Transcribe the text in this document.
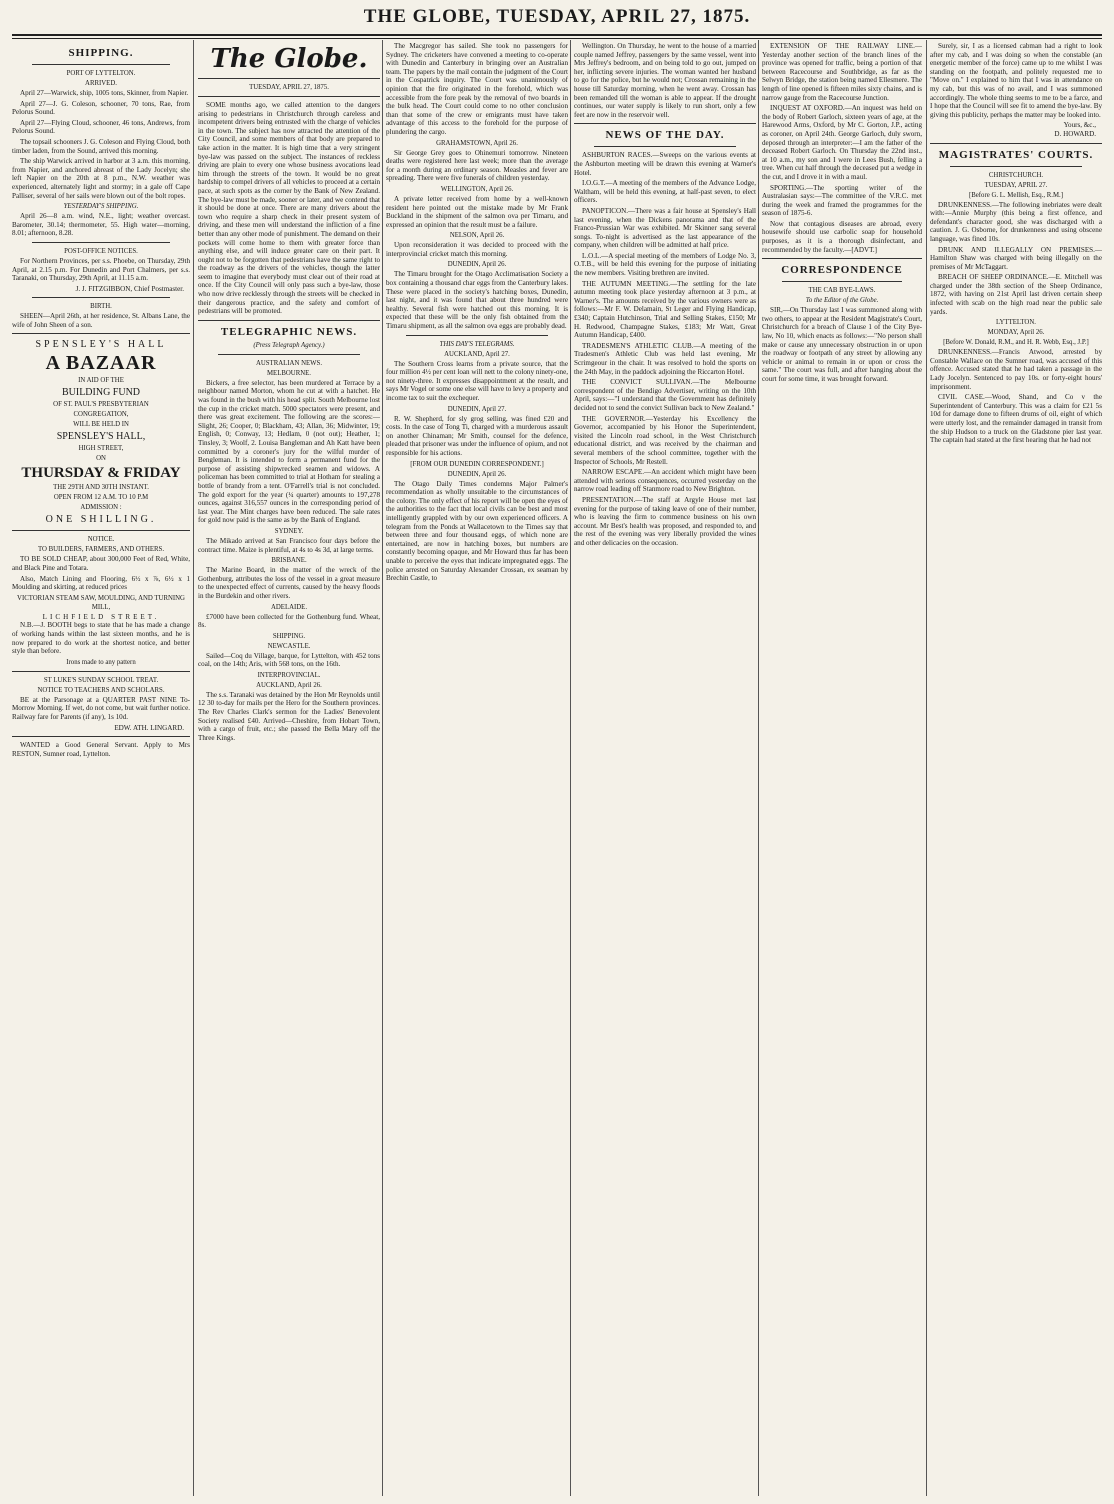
THE GLOBE, TUESDAY, APRIL 27, 1875.
SHIPPING.
PORT OF LYTTELTON.
ARRIVED.

April 27—Warwick, ship, 1005 tons, Skinner, from Napier.

April 27—J. G. Coleson, schooner, 70 tons, Rae, from Pelorus Sound.

April 27—Flying Cloud, schooner, 46 tons, Andrews, from Pelorus Sound.

The topsail schooners J. G. Coleson and Flying Cloud, both timber laden, from the Sound, arrived this morning.

The ship Warwick arrived in harbor at 3 a.m. this morning, from Napier, and anchored abreast of the Lady Jocelyn; she left Napier on the 20th at 8 p.m., N.W. weather was experienced, alternately light and stormy; in a gale off Cape Palliser, several of her sails were blown out of the bolt ropes.

YESTERDAY'S SHIPPING.

April 26—8 a.m. wind, N.E., light; weather overcast. Barometer, 30.14; thermometer, 55. High water—morning, 8.01; afternoon, 8.28.

POST-OFFICE NOTICES.

For Northern Provinces, per s.s. Phoebe, on Thursday, 29th April, at 2.15 p.m. For Dunedin and Port Chalmers, per s.s. Taranaki, on Thursday, 29th April, at 11.15 a.m.

J. J. FITZGIBBON, Chief Postmaster.
BIRTH.

SHEEN—April 26th, at her residence, St. Albans Lane, the wife of John Sheen of a son.

SPENSLEY'S HALL
A BAZAAR
IN AID OF THE
BUILDING FUND
OF ST. PAUL'S PRESBYTERIAN
CONGREGATION,
WILL BE HELD IN
SPENSLEY'S HALL,
HIGH STREET,
ON
THURSDAY & FRIDAY
THE 29TH AND 30TH INSTANT.
OPEN FROM 12 A.M. TO 10 P.M
ADMISSION :
ONE SHILLING.
NOTICE.
TO BUILDERS, FARMERS, AND OTHERS.

TO BE SOLD CHEAP, about 300,000 Feet of Red, White, and Black Pine and Totara.

Also, Match Lining and Flooring, 6½ x ⅞, 6½ x 1 Moulding and skirting, at reduced prices

VICTORIAN STEAM SAW, MOULDING, AND TURNING MILL,
LICHFIELD STREET.

N.B.—J. BOOTH begs to state that he has made a change of working hands within the last sixteen months, and he is now prepared to do work at the shortest notice, and better style than before.

Irons made to any pattern
ST LUKE'S SUNDAY SCHOOL TREAT.
NOTICE TO TEACHERS AND SCHOLARS.

BE at the Parsonage at a QUARTER PAST NINE To-Morrow Morning. If wet, do not come, but wait further notice. Railway fare for Parents (if any), 1s 10d.

EDW. ATH. LINGARD.

WANTED a Good General Servant. Apply to Mrs RESTON, Sumner road, Lyttelton.

The Globe.
TUESDAY, APRIL 27, 1875.

SOME months ago, we called attention to the dangers arising to pedestrians in Christchurch through careless and incompetent drivers being entrusted with the charge of vehicles in the town. The subject has now attracted the attention of the City Council, and some members of that body are prepared to take action in the matter. It is high time that a very stringent bye-law was passed on the subject. The instances of reckless driving are plain to every one whose business avocations lead him through the streets of the town. It would be no great hardship to compel drivers of all vehicles to proceed at a certain pace, at such spots as the corner by the Bank of New Zealand. The bye-law must be made, sooner or later, and we contend that it should be done at once. There are many drivers about the town who require a sharp check in their present system of driving, and these men will understand the infliction of a fine better than any other mode of punishment. The demand on their pockets will come home to them with greater force than anything else, and will induce greater care on their part. It ought not to be forgotten that pedestrians have the same right to the roadway as the drivers of the vehicles, though the latter seem to imagine that everybody must clear out of their road at once. If the City Council will only pass such a bye-law, those who now drive recklessly through the streets will be checked in their dangerous practice, and the safety and comfort of pedestrians will be promoted.

TELEGRAPHIC NEWS.
(Press Telegraph Agency.)
AUSTRALIAN NEWS.
MELBOURNE.

Bickers, a free selector, has been murdered at Terrace by a neighbour named Morton, whom he cut at with a hatchet. He was found in the bush with his head split. South Melbourne lost the cup in the cricket match. 5000 spectators were present, and there was great excitement. The following are the scores:—Slight, 26; Cooper, 0; Blackham, 43; Allan, 36; Midwinter, 19; English, 0; Conway, 13; Hedlam, 0 (not out); Heather, 1; Tinsley, 3; Woolf, 2. Louisa Bangleman and Ah Katt have been committed by a coroner's jury for the wilful murder of Bengleman. It is intended to form a permanent fund for the purpose of assisting shipwrecked seamen and widows. A policeman has been committed to trial at Hotham for stealing a bottle of brandy from a tent. O'Farrell's trial is not concluded. The gold export for the year (¼ quarter) amounts to 197,278 ounces, against 316,557 ounces in the corresponding period of last year. The Mint charges have been reduced. The sale rates for gold now paid is the same as by the Bank of England.

SYDNEY.

The Mikado arrived at San Francisco four days before the contract time. Maize is plentiful, at 4s to 4s 3d, at large terms.

BRISBANE.

The Marine Board, in the matter of the wreck of the Gothenburg, attributes the loss of the vessel in a great measure to the unexpected effect of currents, caused by the heavy floods in the Burdekin and other rivers.

ADELAIDE.

£7000 have been collected for the Gothenburg fund. Wheat, 8s.

SHIPPING.
NEWCASTLE.

Sailed—Coq du Village, barque, for Lyttelton, with 452 tons coal, on the 14th; Aris, with 568 tons, on the 16th.

INTERPROVINCIAL.
AUCKLAND, April 26.

The s.s. Taranaki was detained by the Hon Mr Reynolds until 12 30 to-day for mails per the Hero for the Southern provinces. The Rev Charles Clark's sermon for the Ladies' Benevolent Society realised £40. Arrived—Cheshire, from Hobart Town, with a cargo of fruit, etc.; she passed the Bella Mary off the Three Kings.

The Macgregor has sailed. She took no passengers for Sydney. The cricketers have convened a meeting to co-operate with Dunedin and Canterbury in bringing over an Australian team. The papers by the mail contain the judgment of the Court in the Cospatrick inquiry. The Court was unanimously of opinion that the fire originated in the forehold, which was accessible from the fore peak by the removal of two boards in the bulk head. The Court could come to no other conclusion than that some of the crew or emigrants must have taken advantage of this access to the forehold for the purpose of plundering the cargo.

GRAHAMSTOWN, April 26.

Sir George Grey goes to Ohinemuri tomorrow. Nineteen deaths were registered here last week; more than the average for a month during an ordinary season. Measles and fever are spreading. There were five funerals of children yesterday.

WELLINGTON, April 26.

A private letter received from home by a well-known resident here pointed out the mistake made by Mr Frank Buckland in the shipment of the salmon ova per Timaru, and expressed an opinion that the result must be a failure.

NELSON, April 26.

Upon reconsideration it was decided to proceed with the interprovincial cricket match this morning.

DUNEDIN, April 26.

The Timaru brought for the Otago Acclimatisation Society a box containing a thousand char eggs from the Canterbury lakes. These were placed in the society's hatching boxes, Dunedin, last night, and it was found that about three hundred were healthy. Several fish were hatched out this morning. It is expected that these will be the only fish obtained from the Timaru shipment, as all the salmon ova eggs are probably dead.

THIS DAY'S TELEGRAMS.
AUCKLAND, April 27.

The Southern Cross learns from a private source, that the four million 4½ per cent loan will nett to the colony ninety-one, not ninety-three. It expresses disappointment at the result, and says Mr Vogel or some one else will have to levy a property and income tax to suit the exchequer.

DUNEDIN, April 27.

R. W. Shepherd, for sly grog selling, was fined £20 and costs. In the case of Tong Ti, charged with a murderous assault on another Chinaman; Mr Smith, counsel for the defence, pleaded that prisoner was under the influence of opium, and not responsible for his actions.

[FROM OUR DUNEDIN CORRESPONDENT.]
DUNEDIN, April 26.

The Otago Daily Times condemns Major Palmer's recommendation as wholly unsuitable to the circumstances of the colony. The only effect of his report will be open the eyes of the authorities to the fact that local civils can be best and most intelligently grappled with by our own experienced officers. A telegram from the Ponds at Wallacetown to the Times say that between three and four thousand eggs, of which none are entertained, are now in hatching boxes, but numbers are constantly becoming opaque, and Mr Howard thus far has been unable to perceive the eyes that indicate impregnated eggs. The police arrested on Saturday Alexander Crossan, ex seaman by Brechin Castle, to

Wellington. On Thursday, he went to the house of a married couple named Jeffrey, passengers by the same vessel, went into Mrs Jeffrey's bedroom, and on being told to go out, jumped on her, inflicting severe injuries. The woman wanted her husband to go for the police, but he would not; Crossan remaining in the house till Saturday morning, when he went away. Crossan has been remanded till the woman is able to appear. If the drought continues, our water supply is likely to run short, only a few feet are now in the reservoir well.

NEWS OF THE DAY.

ASHBURTON RACES.—Sweeps on the various events at the Ashburton meeting will be drawn this evening at Warner's Hotel.

I.O.G.T.—A meeting of the members of the Advance Lodge, Waltham, will be held this evening, at half-past seven, to elect officers.

PANOPTICON.—There was a fair house at Spensley's Hall last evening, when the Dickens panorama and that of the Franco-Prussian War was exhibited. Mr Skinner sang several songs. To-night is advertised as the last appearance of the company, when children will be admitted at half price.

L.O.L.—A special meeting of the members of Lodge No. 3, O.T.B., will be held this evening for the purpose of initiating the new members. Visiting brethren are invited.

THE AUTUMN MEETING.—The settling for the late autumn meeting took place yesterday afternoon at 3 p.m., at Warner's. The amounts received by the various owners were as follows:—Mr F. W. Delamain, St Leger and Flying Handicap, £340; Captain Hutchinson, Trial and Selling Stakes, £150; Mr H. Redwood, Champagne Stakes, £183; Mr Watt, Great Autumn Handicap, £400.

TRADESMEN'S ATHLETIC CLUB.—A meeting of the Tradesmen's Athletic Club was held last evening, Mr Scrimgeour in the chair. It was resolved to hold the sports on the 24th May, in the paddock adjoining the Riccarton Hotel.

THE CONVICT SULLIVAN.—The Melbourne correspondent of the Bendigo Advertiser, writing on the 10th April, says:—"I understand that the Government has definitely decided not to send the convict Sullivan back to New Zealand."

THE GOVERNOR.—Yesterday his Excellency the Governor, accompanied by his Honor the Superintendent, visited the Lincoln road school, in the West Christchurch educational district, and was received by the chairman and several members of the school committee, together with the Inspector of Schools, Mr Restell.

NARROW ESCAPE.—An accident which might have been attended with serious consequences, occurred yesterday on the narrow road leading off Stanmore road to New Brighton.

PRESENTATION.—The staff at Argyle House met last evening for the purpose of taking leave of one of their number, who is leaving the firm to commence business on his own account. Mr Best's health was proposed, and responded to, and the rest of the evening was very liberally provided the wines and other delicacies on the occasion.

EXTENSION OF THE RAILWAY LINE.—Yesterday another section of the branch lines of the province was opened for traffic, being a portion of that between Racecourse and Southbridge, as far as the Selwyn Bridge, the station being named Ellesmere. The length of line opened is fifteen miles sixty chains, and is narrow gauge from the Racecourse Junction.

INQUEST AT OXFORD.—An inquest was held on the body of Robert Garloch, sixteen years of age, at the Harewood Arms, Oxford, by Mr C. Gorton, J.P., acting as coroner, on April 24th. George Garloch, duly sworn, deposed through an interpreter:—I am the father of the deceased Robert Garloch. On Thursday the 22nd inst., at 10 a.m., my son and I were in Lees Bush, felling a tree. When cut half through the deceased put a wedge in the cut, and I drove it in with a maul.

SPORTING.—The sporting writer of the Australasian says:—The committee of the V.R.C. met during the week and framed the programmes for the season of 1875-6.

Now that contagious diseases are abroad, every housewife should use carbolic soap for household purposes, as it is a thorough disinfectant, and recommended by the faculty.—[ADVT.]

CORRESPONDENCE
THE CAB BYE-LAWS.
To the Editor of the Globe.

SIR,—On Thursday last I was summoned along with two others, to appear at the Resident Magistrate's Court, Christchurch for a breach of Clause 1 of the City Bye-law, No 10, which enacts as follows:—"No person shall make or cause any unnecessary obstruction in or upon the roadway or footpath of any street by allowing any vehicle or animal to remain in or upon or cross the same." The court was full, and after hanging about the court for some time, it was brought forward.

Surely, sir, I as a licensed cabman had a right to look after my cab, and I was doing so when the constable (an energetic member of the force) came up to me whilst I was standing on the footpath, and politely requested me to "Move on." I explained to him that I was in attendance on my cab, but this was of no avail, and I was summoned accordingly. The whole thing seems to me to be a farce, and I hope that the Council will see fit to amend the bye-law. By giving this publicity, perhaps the matter may be looked into.

Yours, &c.,
D. HOWARD.
MAGISTRATES' COURTS.
CHRISTCHURCH.
TUESDAY, APRIL 27.
[Before G. L. Mellish, Esq., R.M.]

DRUNKENNESS.—The following inebriates were dealt with:—Annie Murphy (this being a first offence, and defendant's character good, she was discharged with a caution. J. G. Osborne, for drunkenness and using obscene language, was fined 10s.

DRUNK AND ILLEGALLY ON PREMISES.—Hamilton Shaw was charged with being illegally on the premises of Mr McTaggart.

BREACH OF SHEEP ORDINANCE.—E. Mitchell was charged under the 38th section of the Sheep Ordinance, 1872, with having on 21st April last driven certain sheep infected with scab on the high road near the public sale yards.

LYTTELTON.
MONDAY, April 26.
[Before W. Donald, R.M., and H. R. Webb, Esq., J.P.]

DRUNKENNESS.—Francis Atwood, arrested by Constable Wallace on the Sumner road, was accused of this offence. Accused stated that he had taken a passage in the Lady Jocelyn. Sentenced to pay 10s. or forty-eight hours' imprisonment.

CIVIL CASE.—Wood, Shand, and Co v the Superintendent of Canterbury. This was a claim for £21 5s 10d for damage done to fifteen drums of oil, eight of which were utterly lost, and the remainder damaged in transit from the ship Hudson to a truck on the Gladstone pier last year. The captain had stated at the first hearing that he had not
